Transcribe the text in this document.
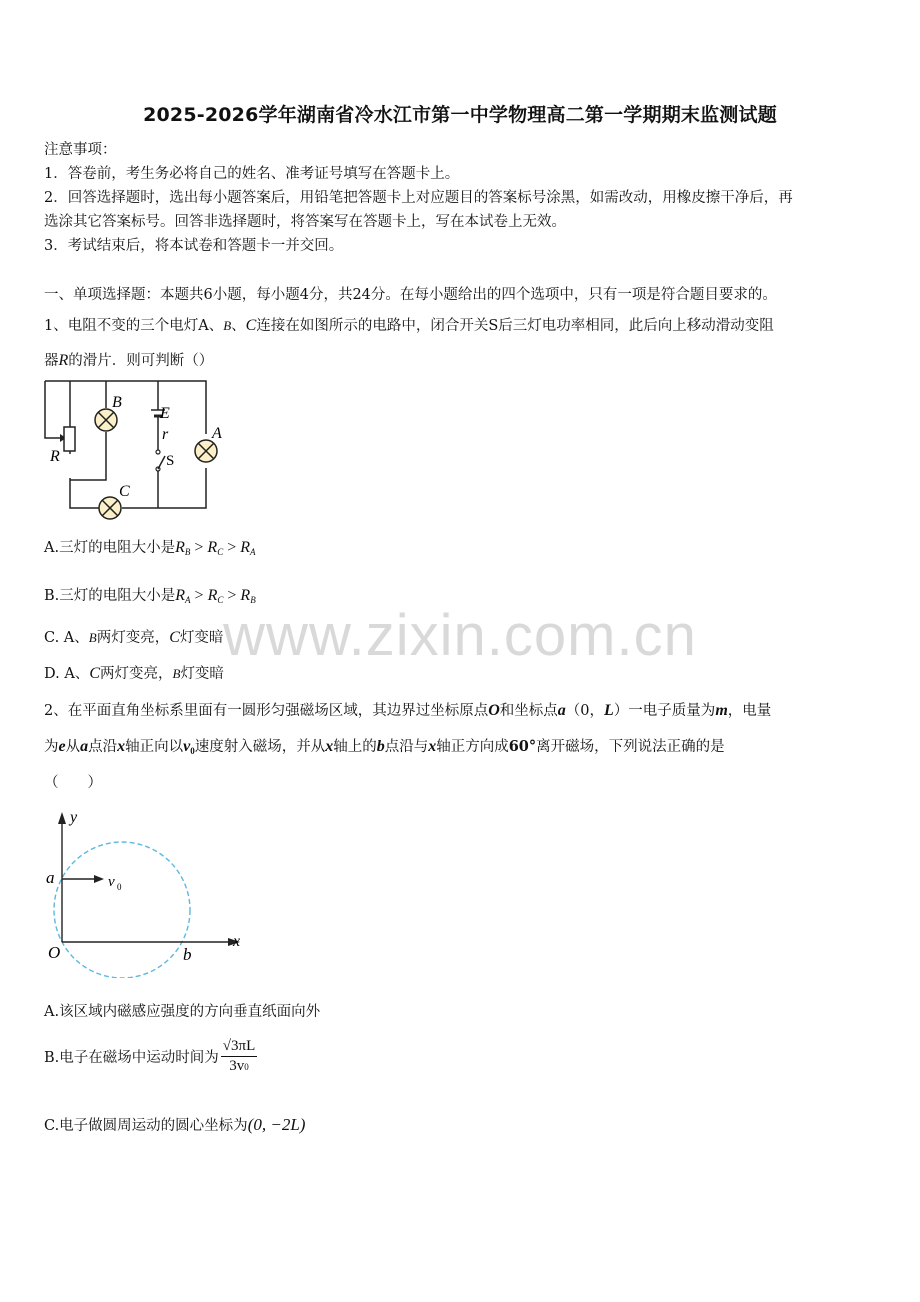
2025-2026学年湖南省冷水江市第一中学物理高二第一学期期末监测试题
注意事项：
1．答卷前，考生务必将自己的姓名、准考证号填写在答题卡上。
2．回答选择题时，选出每小题答案后，用铅笔把答题卡上对应题目的答案标号涂黑，如需改动，用橡皮擦干净后，再
选涂其它答案标号。回答非选择题时，将答案写在答题卡上，写在本试卷上无效。
3．考试结束后，将本试卷和答题卡一并交回。
一、单项选择题：本题共6小题，每小题4分，共24分。在每小题给出的四个选项中，只有一项是符合题目要求的。
1、电阻不变的三个电灯A、B、C连接在如图所示的电路中，闭合开关S后三灯电功率相同，此后向上移动滑动变阻
器R的滑片．则可判断（）
B
E
r	A
R	S
C
A.三灯的电阻大小是$R_B > R_C > R_A$
B.三灯的电阻大小是$R_A > R_C > R_B$
www.zixin.com.cn
C. A、B两灯变亮，C灯变暗
D. A、C两灯变亮，B灯变暗
2、在平面直角坐标系里面有一圆形匀强磁场区域，其边界过坐标原点O和坐标点a（0，L）一电子质量为m，电量
为e从a点沿x轴正向以$v_0$速度射入磁场，并从x轴上的b点沿与x轴正方向成60°离开磁场，下列说法正确的是
（　　）
y
a	v 0
O	b
x
A.该区域内磁感应强度的方向垂直纸面向外
B.电子在磁场中运动时间为 $\frac{√3\pi L}{3v0}$
C.电子做圆周运动的圆心坐标为(0, −2L)
